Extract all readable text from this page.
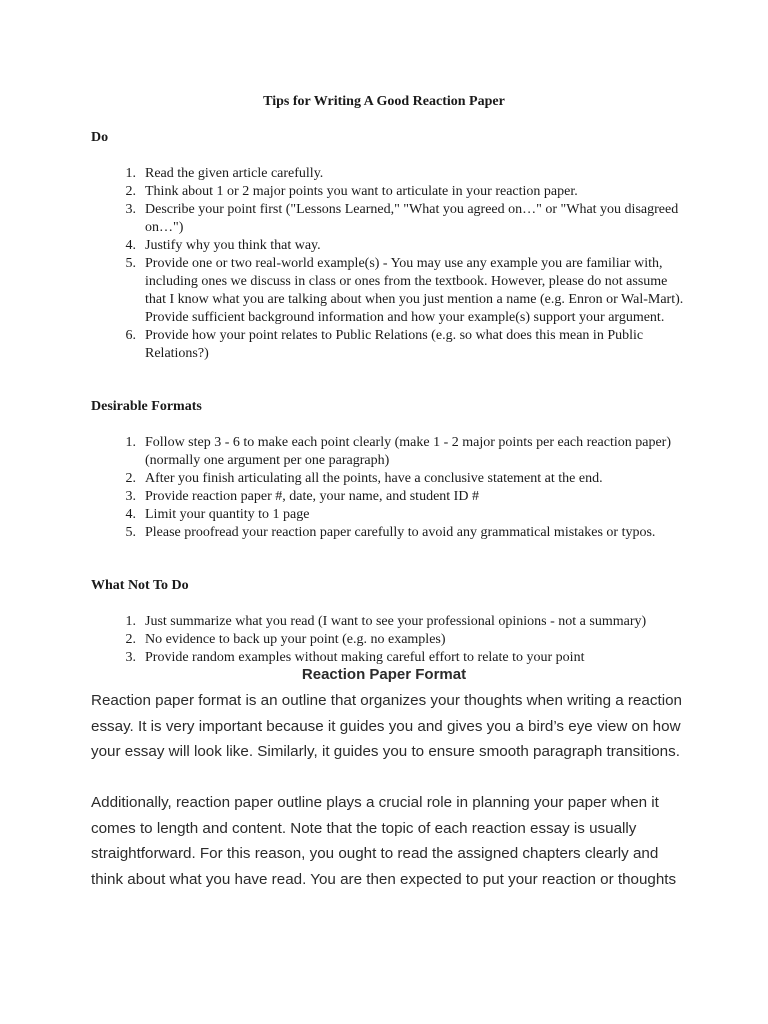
Tips for Writing A Good Reaction Paper
Do
1. Read the given article carefully.
2. Think about 1 or 2 major points you want to articulate in your reaction paper.
3. Describe your point first ("Lessons Learned," "What you agreed on…" or "What you disagreed on…")
4. Justify why you think that way.
5. Provide one or two real-world example(s) - You may use any example you are familiar with, including ones we discuss in class or ones from the textbook. However, please do not assume that I know what you are talking about when you just mention a name (e.g. Enron or Wal-Mart). Provide sufficient background information and how your example(s) support your argument.
6. Provide how your point relates to Public Relations (e.g. so what does this mean in Public Relations?)
Desirable Formats
1. Follow step 3 - 6 to make each point clearly (make 1 - 2 major points per each reaction paper) (normally one argument per one paragraph)
2. After you finish articulating all the points, have a conclusive statement at the end.
3. Provide reaction paper #, date, your name, and student ID #
4. Limit your quantity to 1 page
5. Please proofread your reaction paper carefully to avoid any grammatical mistakes or typos.
What Not To Do
1. Just summarize what you read (I want to see your professional opinions - not a summary)
2. No evidence to back up your point (e.g. no examples)
3. Provide random examples without making careful effort to relate to your point
Reaction Paper Format

Reaction paper format is an outline that organizes your thoughts when writing a reaction essay. It is very important because it guides you and gives you a bird’s eye view on how your essay will look like. Similarly, it guides you to ensure smooth paragraph transitions.

Additionally, reaction paper outline plays a crucial role in planning your paper when it comes to length and content. Note that the topic of each reaction essay is usually straightforward. For this reason, you ought to read the assigned chapters clearly and think about what you have read. You are then expected to put your reaction or thoughts
